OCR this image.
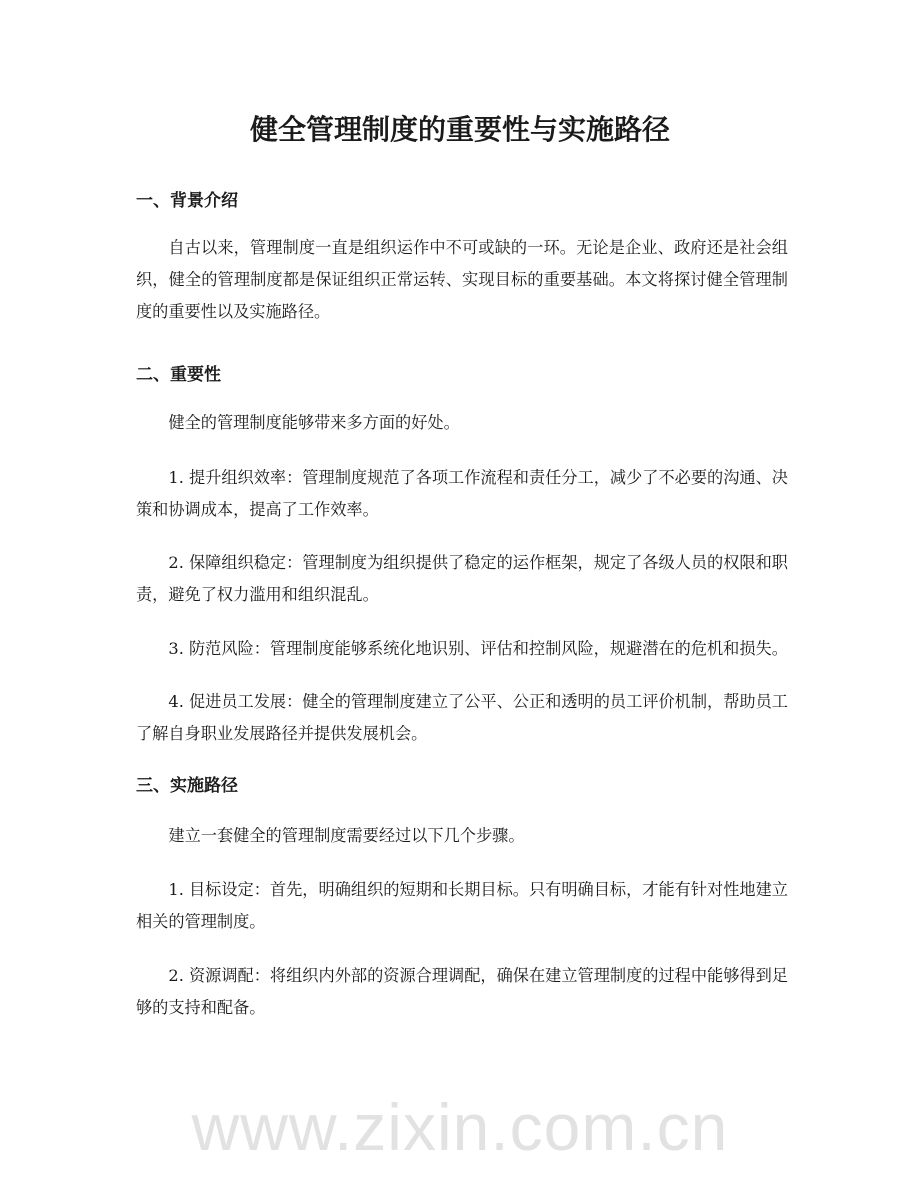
www.zixin.com.cn
健全管理制度的重要性与实施路径
一、背景介绍

自古以来，管理制度一直是组织运作中不可或缺的一环。无论是企业、政府还是社会组织，健全的管理制度都是保证组织正常运转、实现目标的重要基础。本文将探讨健全管理制度的重要性以及实施路径。

二、重要性

健全的管理制度能够带来多方面的好处。

1. 提升组织效率：管理制度规范了各项工作流程和责任分工，减少了不必要的沟通、决策和协调成本，提高了工作效率。

2. 保障组织稳定：管理制度为组织提供了稳定的运作框架，规定了各级人员的权限和职责，避免了权力滥用和组织混乱。

3. 防范风险：管理制度能够系统化地识别、评估和控制风险，规避潜在的危机和损失。

4. 促进员工发展：健全的管理制度建立了公平、公正和透明的员工评价机制，帮助员工了解自身职业发展路径并提供发展机会。

三、实施路径

建立一套健全的管理制度需要经过以下几个步骤。

1. 目标设定：首先，明确组织的短期和长期目标。只有明确目标，才能有针对性地建立相关的管理制度。

2. 资源调配：将组织内外部的资源合理调配，确保在建立管理制度的过程中能够得到足够的支持和配备。
